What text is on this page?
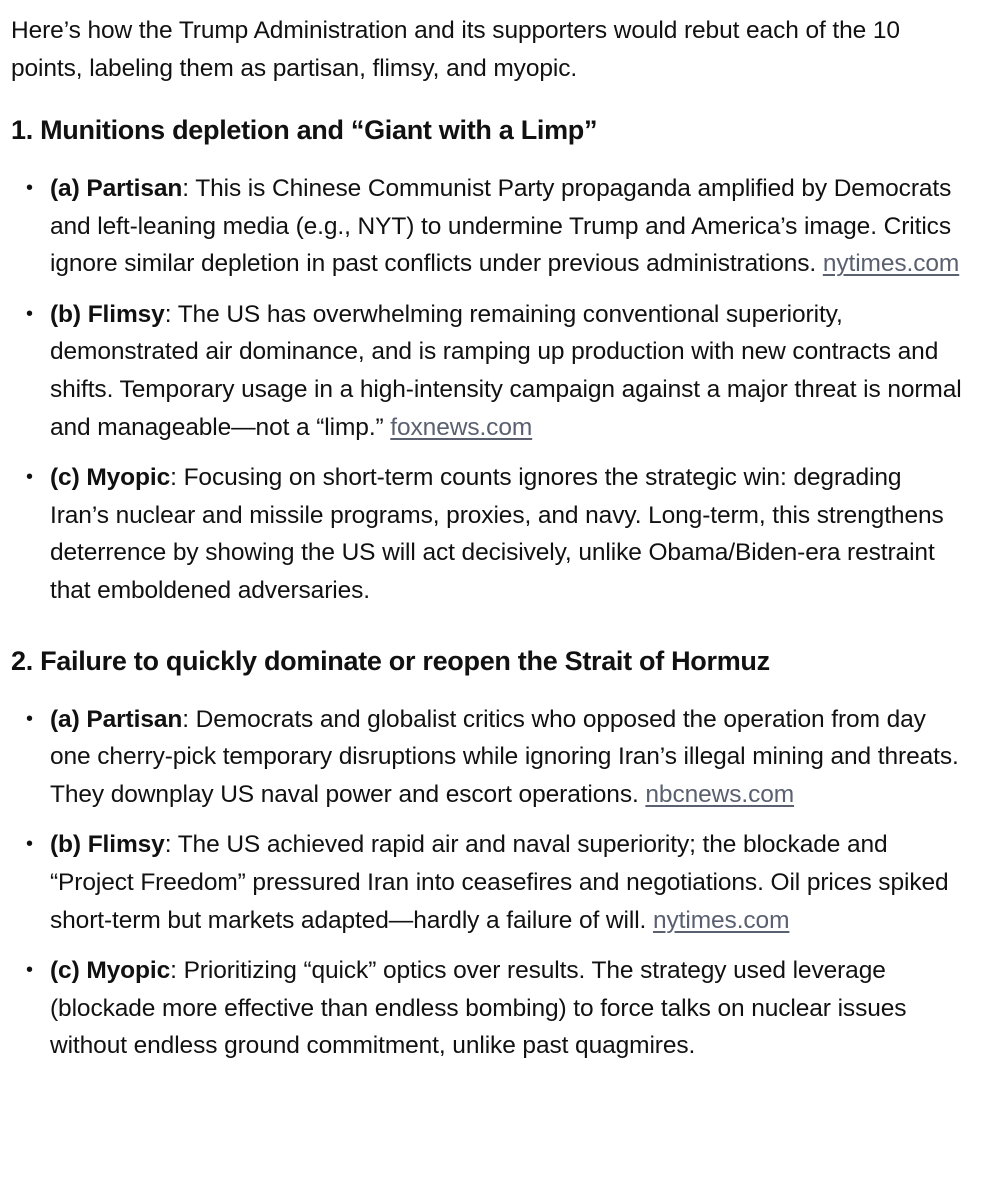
Here’s how the Trump Administration and its supporters would rebut each of the 10 points, labeling them as partisan, flimsy, and myopic.

1. Munitions depletion and “Giant with a Limp”
• (a) Partisan: This is Chinese Communist Party propaganda amplified by Democrats and left-leaning media (e.g., NYT) to undermine Trump and America’s image. Critics ignore similar depletion in past conflicts under previous administrations. nytimes.com
• (b) Flimsy: The US has overwhelming remaining conventional superiority, demonstrated air dominance, and is ramping up production with new contracts and shifts. Temporary usage in a high-intensity campaign against a major threat is normal and manageable—not a “limp.” foxnews.com
• (c) Myopic: Focusing on short-term counts ignores the strategic win: degrading Iran’s nuclear and missile programs, proxies, and navy. Long-term, this strengthens deterrence by showing the US will act decisively, unlike Obama/Biden-era restraint that emboldened adversaries.
2. Failure to quickly dominate or reopen the Strait of Hormuz
• (a) Partisan: Democrats and globalist critics who opposed the operation from day one cherry-pick temporary disruptions while ignoring Iran’s illegal mining and threats. They downplay US naval power and escort operations. nbcnews.com
• (b) Flimsy: The US achieved rapid air and naval superiority; the blockade and “Project Freedom” pressured Iran into ceasefires and negotiations. Oil prices spiked short-term but markets adapted—hardly a failure of will. nytimes.com
• (c) Myopic: Prioritizing “quick” optics over results. The strategy used leverage (blockade more effective than endless bombing) to force talks on nuclear issues without endless ground commitment, unlike past quagmires.
